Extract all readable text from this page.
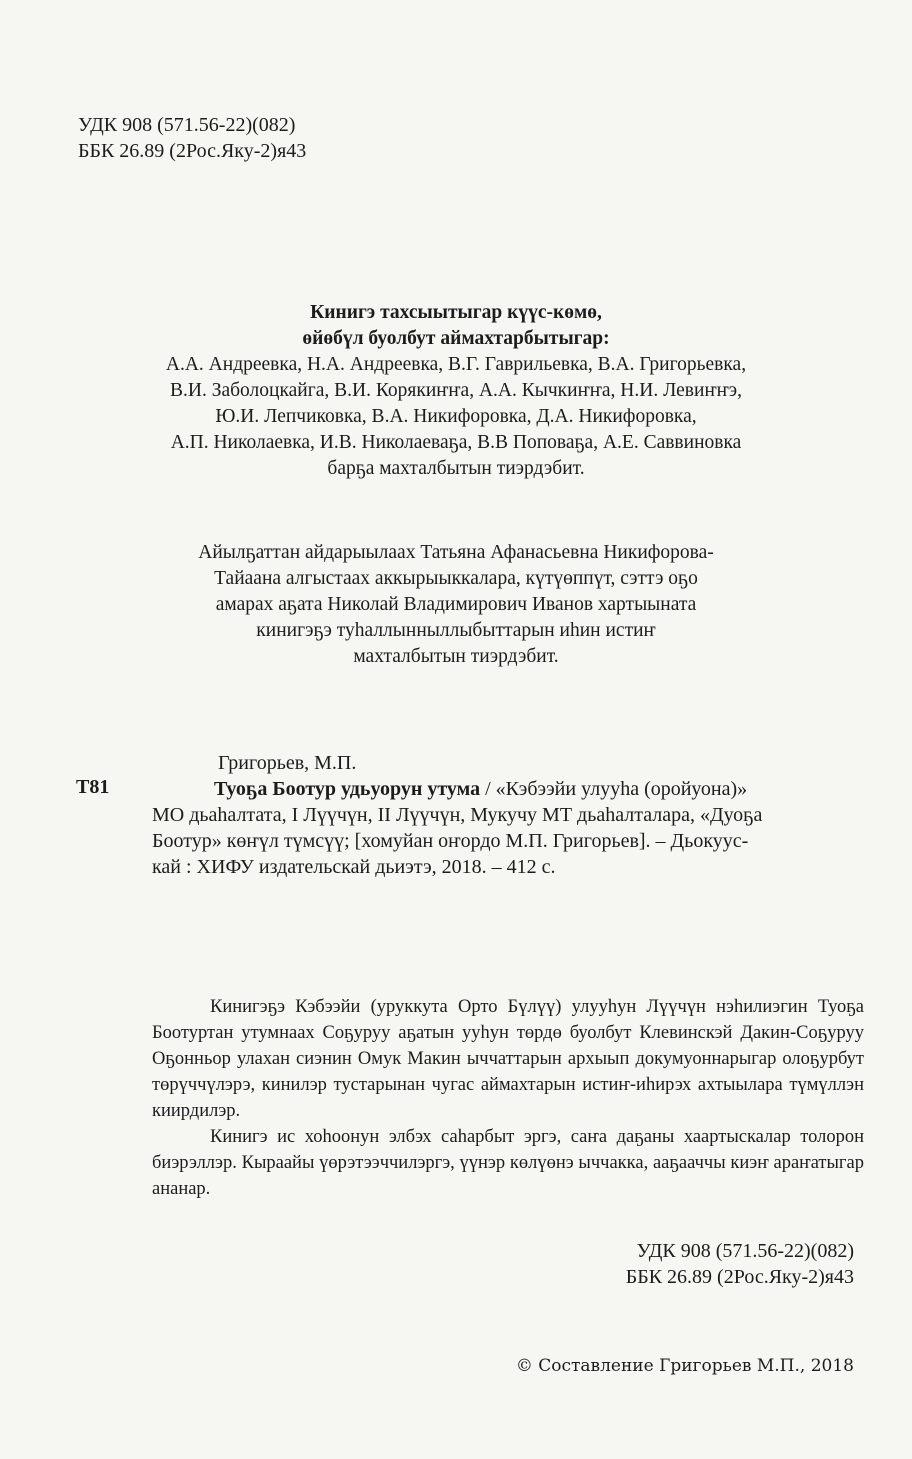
УДК 908 (571.56-22)(082)
ББК 26.89 (2Рос.Яку-2)я43
Кинигэ тахсыытыгар күүс-көмө,
өйөбүл буолбут аймахтарбытыгар:
А.А. Андреевка, Н.А. Андреевка, В.Г. Гаврильевка, В.А. Григорьевка,
В.И. Заболоцкайга, В.И. Корякиҥҥа, А.А. Кычкиҥҥа, Н.И. Левиҥҥэ,
Ю.И. Лепчиковка, В.А. Никифоровка, Д.А. Никифоровка,
А.П. Николаевка, И.В. Николаеваҕа, В.В Поповаҕа, А.Е. Саввиновка
барҕа махталбытын тиэрдэбит.
Айылҕаттан айдарыылаах Татьяна Афанасьевна Никифорова-
Тайаана алгыстаах аккырыыккалара, күтүөппүт, сэттэ оҕо
амарах аҕата Николай Владимирович Иванов хартыыната
кинигэҕэ туһаллынныллыбыттарын иһин истиҥ
махталбытын тиэрдэбит.
Григорьев, М.П.
Т81	Туоҕа Боотур удьуорун утума / «Кэбээйи улууһа (оройуона)»
МО дьаһалтата, I Лүүчүн, II Лүүчүн, Мукучу МТ дьаһалталара, «Дуоҕа
Боотур» көҥүл түмсүү; [хомуйан оҥордо М.П. Григорьев]. – Дьокуус-
кай : ХИФУ издательскай дьиэтэ, 2018. – 412 с.

Кинигэҕэ Кэбээйи (уруккута Орто Бүлүү) улууһун Лүүчүн нэһилиэгин Туоҕа Боотуртан утумнаах Соҕуруу аҕатын ууһун төрдө буолбут Клевинскэй Дакин-Соҕуруу Оҕонньор улахан сиэнин Омук Макин ыччаттарын архыып докумуоннарыгар олоҕурбут төрүччүлэрэ, кинилэр тустарынан чугас аймахтарын истиҥ-иһирэх ахтыылара түмүллэн киирдилэр.

Кинигэ ис хоһоонун элбэх саһарбыт эргэ, саҥа даҕаны хаартыскалар толорон биэрэллэр. Кыраайы үөрэтээччилэргэ, үүнэр көлүөнэ ыччакка, ааҕааччы киэҥ араҥатыгар ананар.

УДК 908 (571.56-22)(082)
ББК 26.89 (2Рос.Яку-2)я43
© Составление Григорьев М.П., 2018
